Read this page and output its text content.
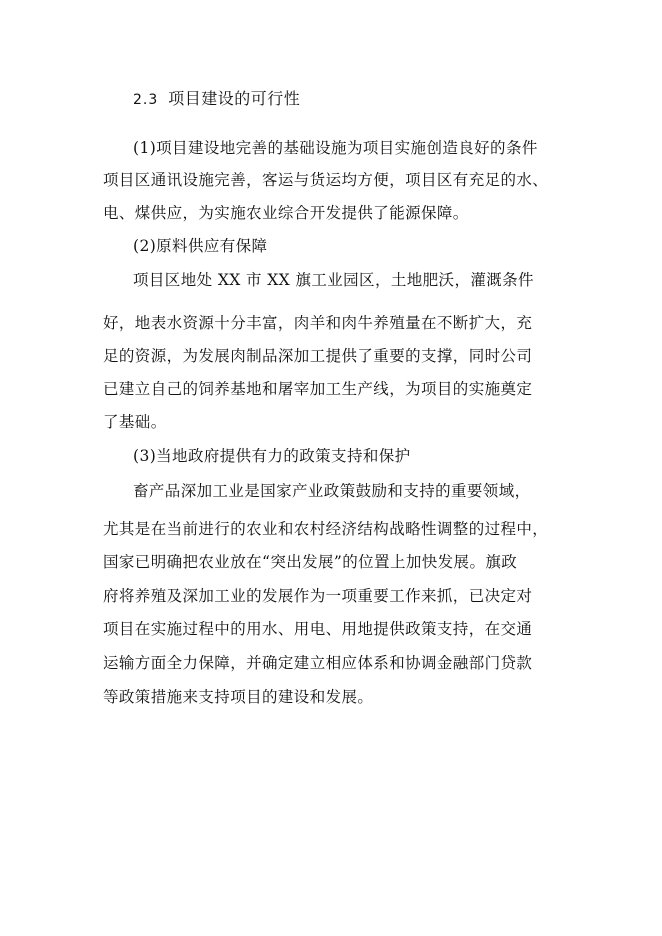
2.3 项目建设的可行性
(1)项目建设地完善的基础设施为项目实施创造良好的条件
项目区通讯设施完善，客运与货运均方便，项目区有充足的水、
电、煤供应，为实施农业综合开发提供了能源保障。
(2)原料供应有保障
项目区地处 XX 市 XX 旗工业园区，土地肥沃，灌溉条件
好，地表水资源十分丰富，肉羊和肉牛养殖量在不断扩大，充
足的资源，为发展肉制品深加工提供了重要的支撑，同时公司
已建立自己的饲养基地和屠宰加工生产线，为项目的实施奠定
了基础。
(3)当地政府提供有力的政策支持和保护
畜产品深加工业是国家产业政策鼓励和支持的重要领域，
尤其是在当前进行的农业和农村经济结构战略性调整的过程中，
国家已明确把农业放在“突出发展”的位置上加快发展。旗政
府将养殖及深加工业的发展作为一项重要工作来抓，已决定对
项目在实施过程中的用水、用电、用地提供政策支持，在交通
运输方面全力保障，并确定建立相应体系和协调金融部门贷款
等政策措施来支持项目的建设和发展。
